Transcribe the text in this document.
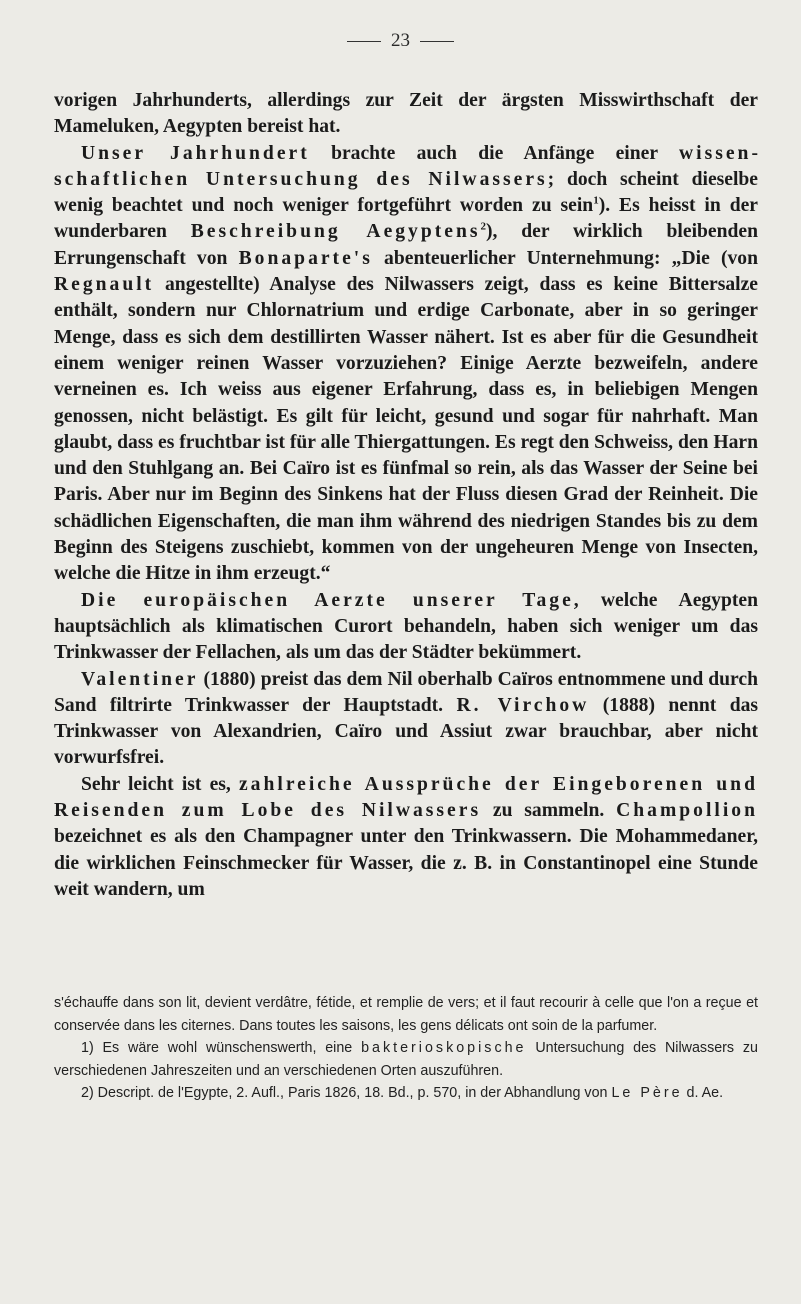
23

vorigen Jahrhunderts, allerdings zur Zeit der ärgsten Misswirthschaft der Mameluken, Aegypten bereist hat.

Unser Jahrhundert brachte auch die Anfänge einer wissenschaftlichen Untersuchung des Nilwassers; doch scheint dieselbe wenig beachtet und noch weniger fortgeführt worden zu sein$^1$). Es heisst in der wunderbaren Beschreibung Aegyptens$^2$), der wirklich bleibenden Errungenschaft von Bonaparte's abenteuerlicher Unternehmung: „Die (von Regnault angestellte) Analyse des Nilwassers zeigt, dass es keine Bittersalze enthält, sondern nur Chlornatrium und erdige Carbonate, aber in so geringer Menge, dass es sich dem destillirten Wasser nähert. Ist es aber für die Gesundheit einem weniger reinen Wasser vorzuziehen? Einige Aerzte bezweifeln, andere verneinen es. Ich weiss aus eigener Erfahrung, dass es, in beliebigen Mengen genossen, nicht belästigt. Es gilt für leicht, gesund und sogar für nahrhaft. Man glaubt, dass es fruchtbar ist für alle Thiergattungen. Es regt den Schweiss, den Harn und den Stuhlgang an. Bei Caïro ist es fünfmal so rein, als das Wasser der Seine bei Paris. Aber nur im Beginn des Sinkens hat der Fluss diesen Grad der Reinheit. Die schädlichen Eigenschaften, die man ihm während des niedrigen Standes bis zu dem Beginn des Steigens zuschiebt, kommen von der ungeheuren Menge von Insecten, welche die Hitze in ihm erzeugt.“

Die europäischen Aerzte unserer Tage, welche Aegypten hauptsächlich als klimatischen Curort behandeln, haben sich weniger um das Trinkwasser der Fellachen, als um das der Städter bekümmert.

Valentiner (1880) preist das dem Nil oberhalb Caïros entnommene und durch Sand filtrirte Trinkwasser der Hauptstadt. R. Virchow (1888) nennt das Trinkwasser von Alexandrien, Caïro und Assiut zwar brauchbar, aber nicht vorwurfsfrei.

Sehr leicht ist es, zahlreiche Aussprüche der Eingeborenen und Reisenden zum Lobe des Nilwassers zu sammeln. Champollion bezeichnet es als den Champagner unter den Trinkwassern. Die Mohammedaner, die wirklichen Feinschmecker für Wasser, die z. B. in Constantinopel eine Stunde weit wandern, um

s'échauffe dans son lit, devient verdâtre, fétide, et remplie de vers; et il faut recourir à celle que l'on a reçue et conservée dans les citernes. Dans toutes les saisons, les gens délicats ont soin de la parfumer.

1) Es wäre wohl wünschenswerth, eine bakterioskopische Untersuchung des Nilwassers zu verschiedenen Jahreszeiten und an verschiedenen Orten auszuführen.

2) Descript. de l'Egypte, 2. Aufl., Paris 1826, 18. Bd., p. 570, in der Abhandlung von Le Père d. Ae.
